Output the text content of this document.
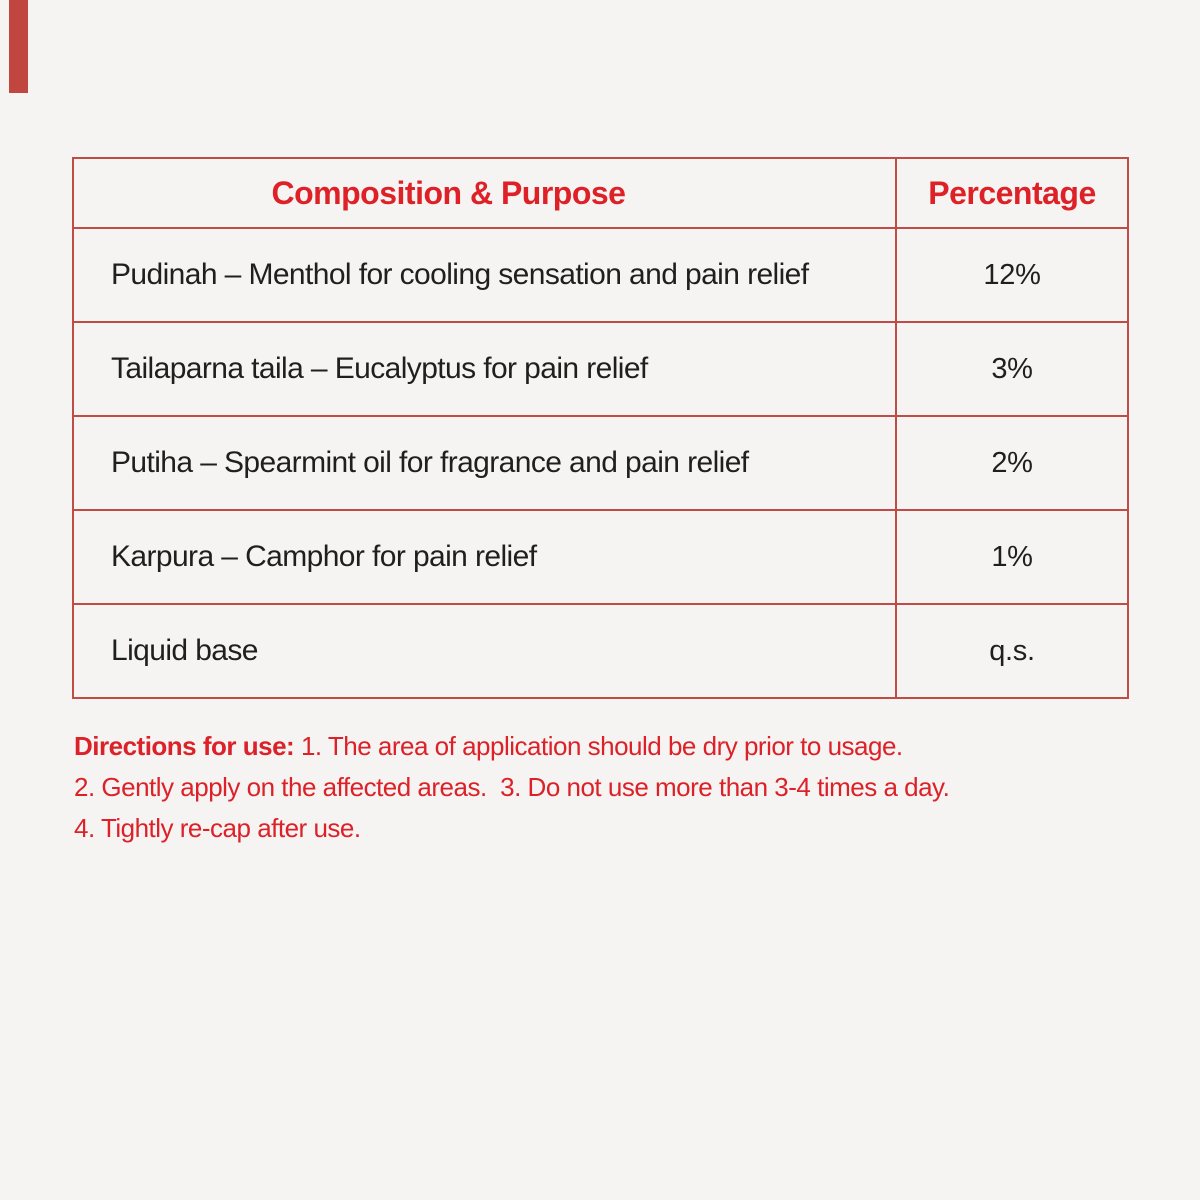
Composition & Purpose	Percentage
Pudinah – Menthol for cooling sensation and pain relief	12%
Tailaparna taila – Eucalyptus for pain relief	3%
Putiha – Spearmint oil for fragrance and pain relief	2%
Karpura – Camphor for pain relief	1%
Liquid base	q.s.

Directions for use: 1. The area of application should be dry prior to usage.

2. Gently apply on the affected areas.  3. Do not use more than 3-4 times a day.

4. Tightly re-cap after use.
